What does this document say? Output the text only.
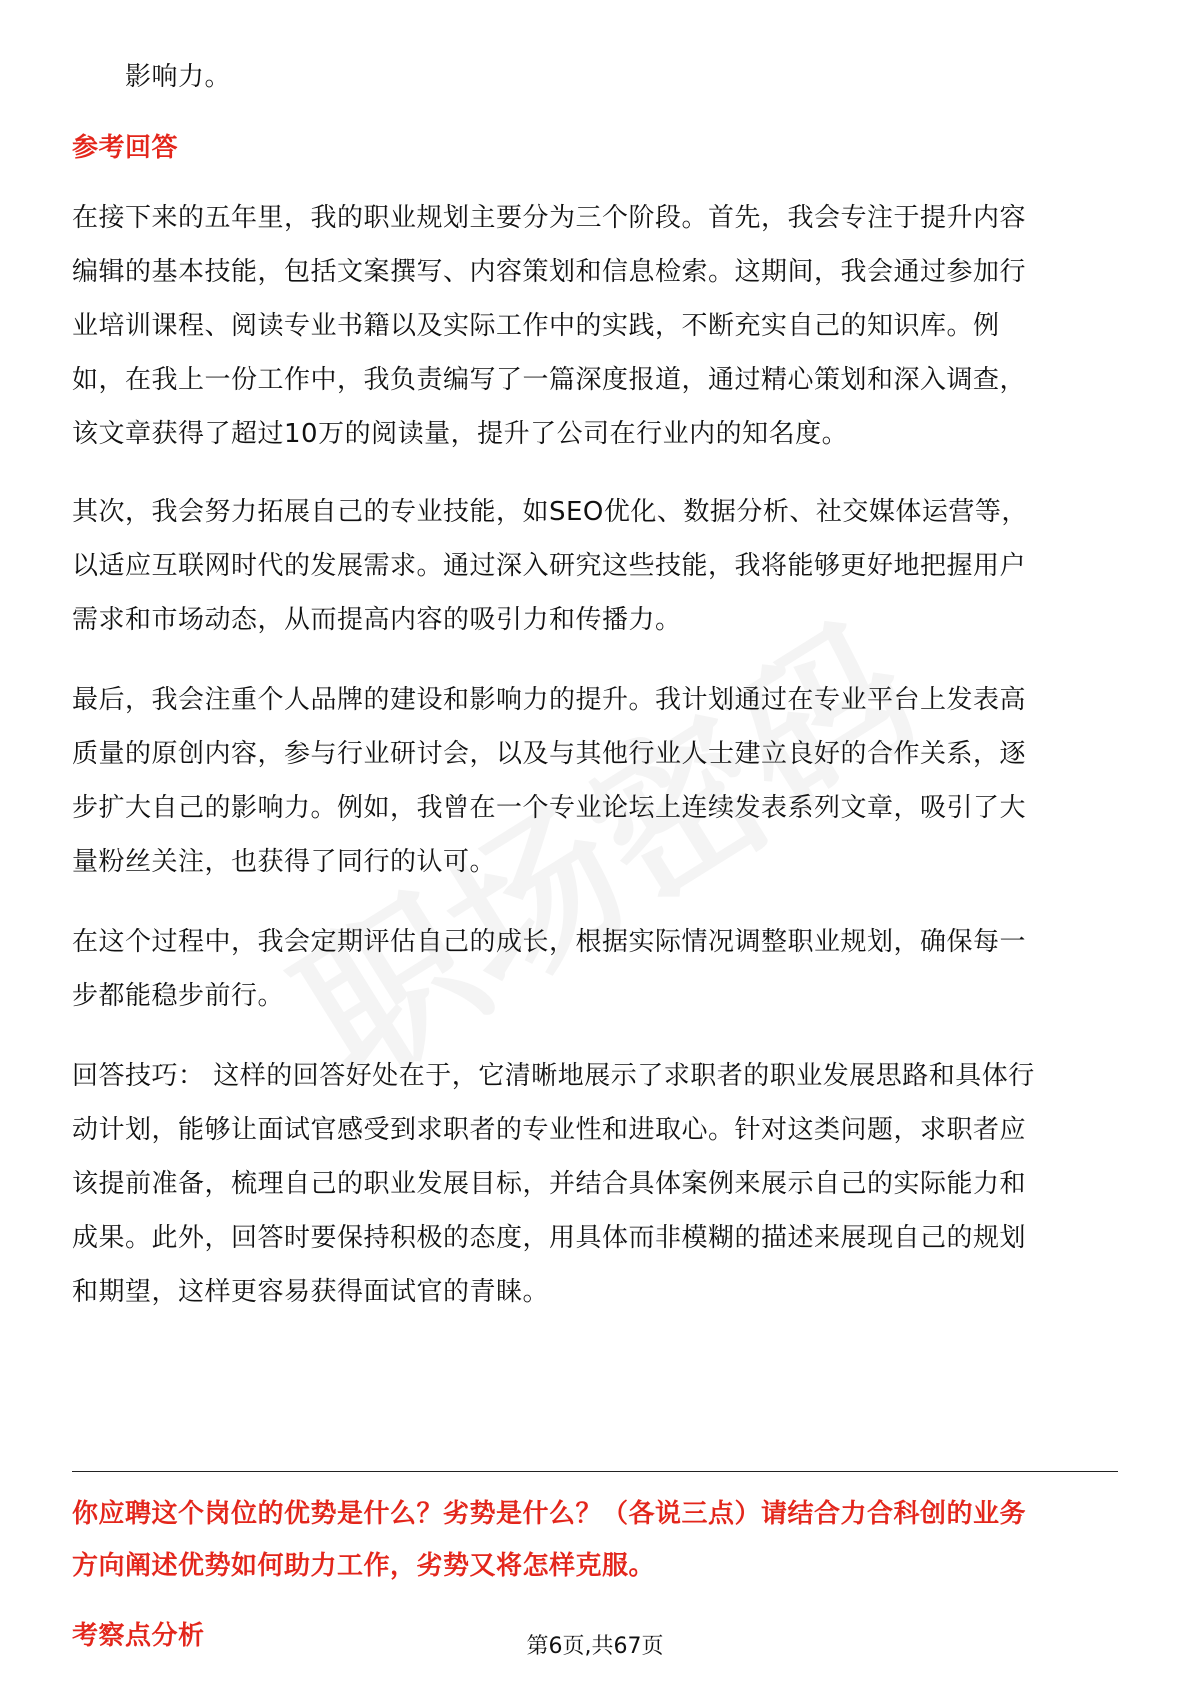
影响力。
参考回答
在接下来的五年里，我的职业规划主要分为三个阶段。首先，我会专注于提升内容
编辑的基本技能，包括文案撰写、内容策划和信息检索。这期间，我会通过参加行
业培训课程、阅读专业书籍以及实际工作中的实践，不断充实自己的知识库。例
如，在我上一份工作中，我负责编写了一篇深度报道，通过精心策划和深入调查，
该文章获得了超过10万的阅读量，提升了公司在行业内的知名度。
其次，我会努力拓展自己的专业技能，如SEO优化、数据分析、社交媒体运营等，
以适应互联网时代的发展需求。通过深入研究这些技能，我将能够更好地把握用户
需求和市场动态，从而提高内容的吸引力和传播力。
最后，我会注重个人品牌的建设和影响力的提升。我计划通过在专业平台上发表高
质量的原创内容，参与行业研讨会，以及与其他行业人士建立良好的合作关系，逐
步扩大自己的影响力。例如，我曾在一个专业论坛上连续发表系列文章，吸引了大
量粉丝关注，也获得了同行的认可。
在这个过程中，我会定期评估自己的成长，根据实际情况调整职业规划，确保每一
步都能稳步前行。
回答技巧： 这样的回答好处在于，它清晰地展示了求职者的职业发展思路和具体行
动计划，能够让面试官感受到求职者的专业性和进取心。针对这类问题，求职者应
该提前准备，梳理自己的职业发展目标，并结合具体案例来展示自己的实际能力和
成果。此外，回答时要保持积极的态度，用具体而非模糊的描述来展现自己的规划
和期望，这样更容易获得面试官的青睐。
你应聘这个岗位的优势是什么？劣势是什么？（各说三点）请结合力合科创的业务
方向阐述优势如何助力工作，劣势又将怎样克服。
考察点分析	第6页,共67页
